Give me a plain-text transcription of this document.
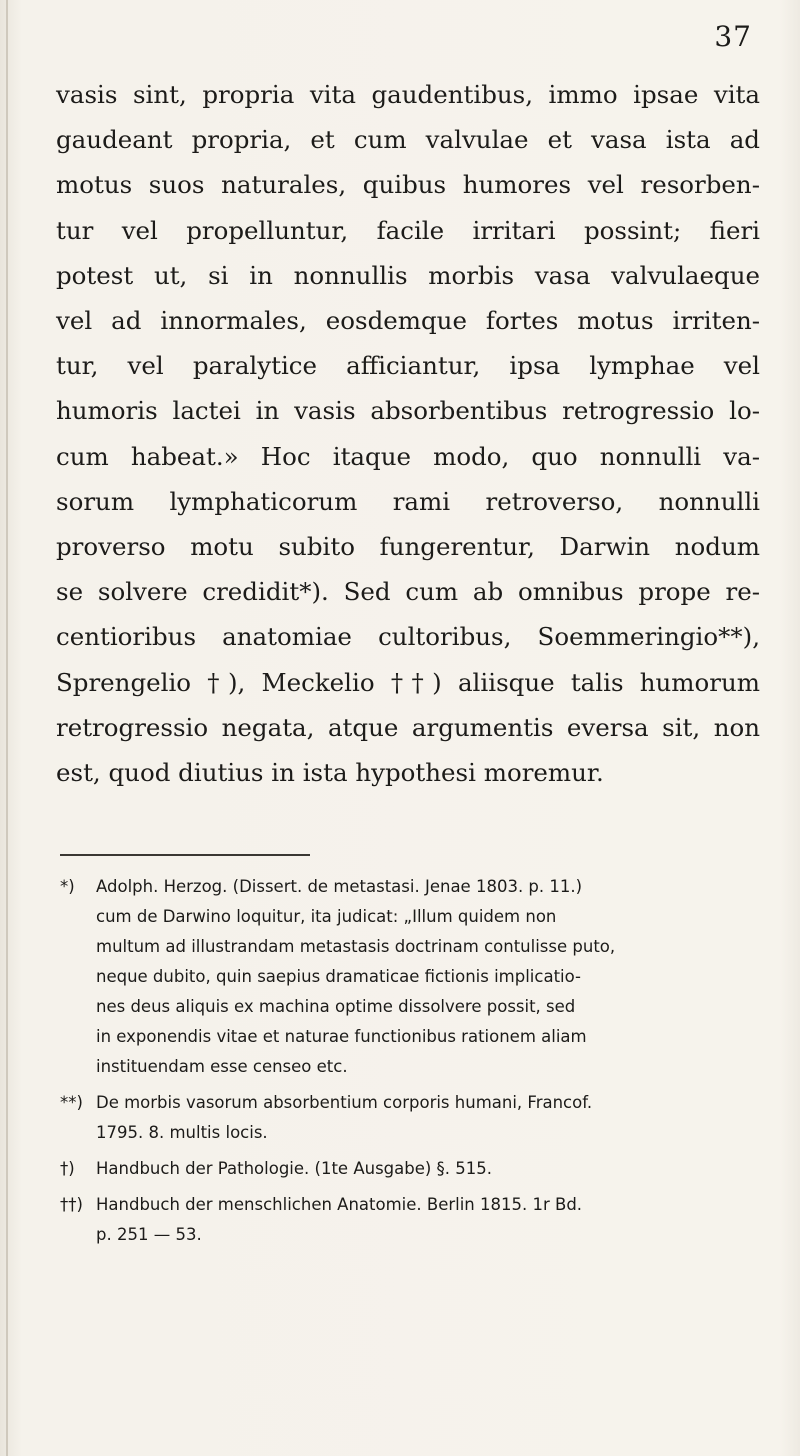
37
vasis sint, propria vita gaudentibus, immo ipsae vita
gaudeant propria, et cum valvulae et vasa ista ad
motus suos naturales, quibus humores vel resorben-
tur vel propelluntur, facile irritari possint; fieri
potest ut, si in nonnullis morbis vasa valvulaeque
vel ad innormales, eosdemque fortes motus irriten-
tur, vel paralytice afficiantur, ipsa lymphae vel
humoris lactei in vasis absorbentibus retrogressio lo-
cum habeat.» Hoc itaque modo, quo nonnulli va-
sorum lymphaticorum rami retroverso, nonnulli
proverso motu subito fungerentur, Darwin nodum
se solvere credidit*). Sed cum ab omnibus prope re-
centioribus anatomiae cultoribus, Soemmeringio**),
Sprengelio †), Meckelio ††) aliisque talis humorum
retrogressio negata, atque argumentis eversa sit, non
est, quod diutius in ista hypothesi moremur.
*)	Adolph. Herzog. (Dissert. de metastasi. Jenae 1803. p. 11.)
cum de Darwino loquitur, ita judicat: „Illum quidem non
multum ad illustrandam metastasis doctrinam contulisse puto,
neque dubito, quin saepius dramaticae fictionis implicatio-
nes deus aliquis ex machina optime dissolvere possit, sed
in exponendis vitae et naturae functionibus rationem aliam
instituendam esse censeo etc.
**) De morbis vasorum absorbentium corporis humani, Francof.
1795. 8. multis locis.
†)	Handbuch der Pathologie. (1te Ausgabe) §. 515.
††) Handbuch der menschlichen Anatomie. Berlin 1815. 1r Bd.
p. 251 — 53.
